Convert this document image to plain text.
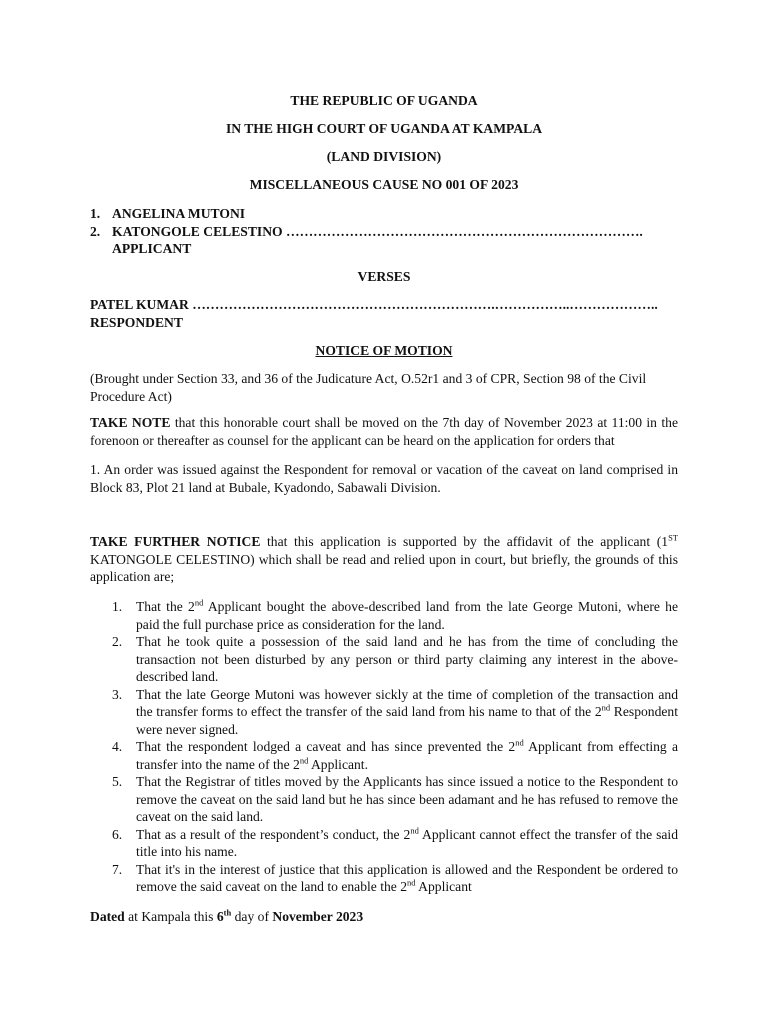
THE REPUBLIC OF UGANDA
IN THE HIGH COURT OF UGANDA AT KAMPALA
(LAND DIVISION)
MISCELLANEOUS CAUSE NO 001 OF 2023
1. ANGELINA MUTONI
2. KATONGOLE CELESTINO …………………………………………………………………….
APPLICANT
VERSES
PATEL KUMAR ………………………………………………………….……………..………………..
RESPONDENT
NOTICE OF MOTION
(Brought under Section 33, and 36 of the Judicature Act, O.52r1 and 3 of CPR, Section 98 of the Civil Procedure Act)
TAKE NOTE that this honorable court shall be moved on the 7th day of November 2023 at 11:00 in the forenoon or thereafter as counsel for the applicant can be heard on the application for orders that
1. An order was issued against the Respondent for removal or vacation of the caveat on land comprised in Block 83, Plot 21 land at Bubale, Kyadondo, Sabawali Division.
TAKE FURTHER NOTICE that this application is supported by the affidavit of the applicant (1ST KATONGOLE CELESTINO) which shall be read and relied upon in court, but briefly, the grounds of this application are;
1. That the 2nd Applicant bought the above-described land from the late George Mutoni, where he paid the full purchase price as consideration for the land.
2. That he took quite a possession of the said land and he has from the time of concluding the transaction not been disturbed by any person or third party claiming any interest in the above-described land.
3. That the late George Mutoni was however sickly at the time of completion of the transaction and the transfer forms to effect the transfer of the said land from his name to that of the 2nd Respondent were never signed.
4. That the respondent lodged a caveat and has since prevented the 2nd Applicant from effecting a transfer into the name of the 2nd Applicant.
5. That the Registrar of titles moved by the Applicants has since issued a notice to the Respondent to remove the caveat on the said land but he has since been adamant and he has refused to remove the caveat on the said land.
6. That as a result of the respondent’s conduct, the 2nd Applicant cannot effect the transfer of the said title into his name.
7. That it's in the interest of justice that this application is allowed and the Respondent be ordered to remove the said caveat on the land to enable the 2nd Applicant
Dated at Kampala this 6th day of November 2023
